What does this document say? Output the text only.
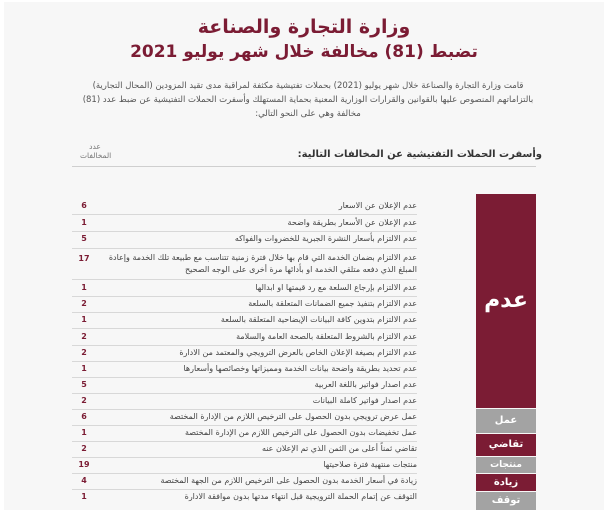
وزارة التجارة والصناعة
تضبط (81) مخالفة خلال شهر يوليو 2021
قامت وزارة التجارة والصناعة خلال شهر يوليو (2021) بحملات تفتيشية مكثفة لمراقبة مدى تقيد المزودين (المحال التجارية) بالتزاماتهم المنصوص عليها بالقوانين والقرارات الوزارية المعنية بحماية المستهلك وأسفرت الحملات التفتيشية عن ضبط عدد (81) مخالفة وهي على النحو التالي:
عدد
المخالفات	وأسفرت الحملات التفتيشية عن المخالفات التالية:
6	عدم الإعلان عن الاسعار
1	عدم الإعلان عن الأسعار بطريقة واضحة
5	عدم الالتزام بأسعار النشرة الجبرية للخضروات والفواكه
17	عدم الالتزام بضمان الخدمة التي قام بها خلال فترة زمنية تتناسب مع طبيعة تلك الخدمة وإعادة المبلغ الذي دفعه متلقي الخدمة او بأدائها مرة أخرى على الوجه الصحيح
1	عدم الالتزام بإرجاع السلعة مع رد قيمتها او ابدالها
2	عدم الالتزام بتنفيذ جميع الضمانات المتعلقة بالسلعة
1	عدم الالتزام بتدوين كافة البيانات الإيضاحية المتعلقة بالسلعة
2	عدم الالتزام بالشروط المتعلقة بالصحة العامة والسلامة
2	عدم الالتزام بصيغة الإعلان الخاص بالعرض الترويجي والمعتمد من الادارة
1	عدم تحديد بطريقة واضحة بيانات الخدمة ومميزاتها وخصائصها وأسعارها
5	عدم اصدار فواتير باللغة العربية
2	عدم اصدار فواتير كاملة البيانات
6	عمل عرض ترويجي بدون الحصول على الترخيص اللازم من الإدارة المختصة
1	عمل تخفيضات بدون الحصول على الترخيص اللازم من الإدارة المختصة
2	تقاضي ثمناً أعلى من الثمن الذي تم الإعلان عنه
19	منتجات منتهية فترة صلاحيتها
4	زيادة في أسعار الخدمة بدون الحصول على الترخيص اللازم من الجهة المختصة
1	التوقف عن إتمام الحملة الترويجية قبل انتهاء مدتها بدون موافقة الادارة
عدم
عمل
تقاضي
منتجات
زيادة
توقف
